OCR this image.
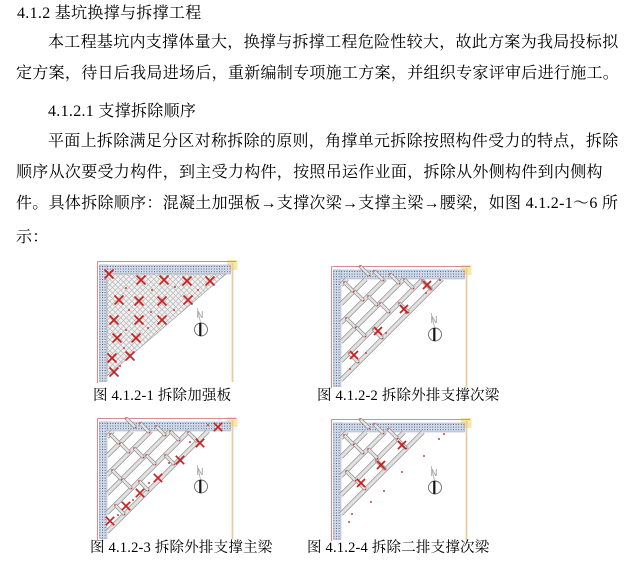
4.1.2 基坑换撑与拆撑工程
本工程基坑内支撑体量大，换撑与拆撑工程危险性较大，故此方案为我局投标拟
定方案，待日后我局进场后，重新编制专项施工方案，并组织专家评审后进行施工。
4.1.2.1 支撑拆除顺序
平面上拆除满足分区对称拆除的原则，角撑单元拆除按照构件受力的特点，拆除
顺序从次要受力构件，到主受力构件，按照吊运作业面，拆除从外侧构件到内侧构
件。具体拆除顺序：混凝土加强板→支撑次梁→支撑主梁→腰梁，如图 4.1.2-1～6 所
示：
N	N
N	N
图 4.1.2-1 拆除加强板	图 4.1.2-2 拆除外排支撑次梁
图 4.1.2-3 拆除外排支撑主梁 图 4.1.2-4 拆除二排支撑次梁
